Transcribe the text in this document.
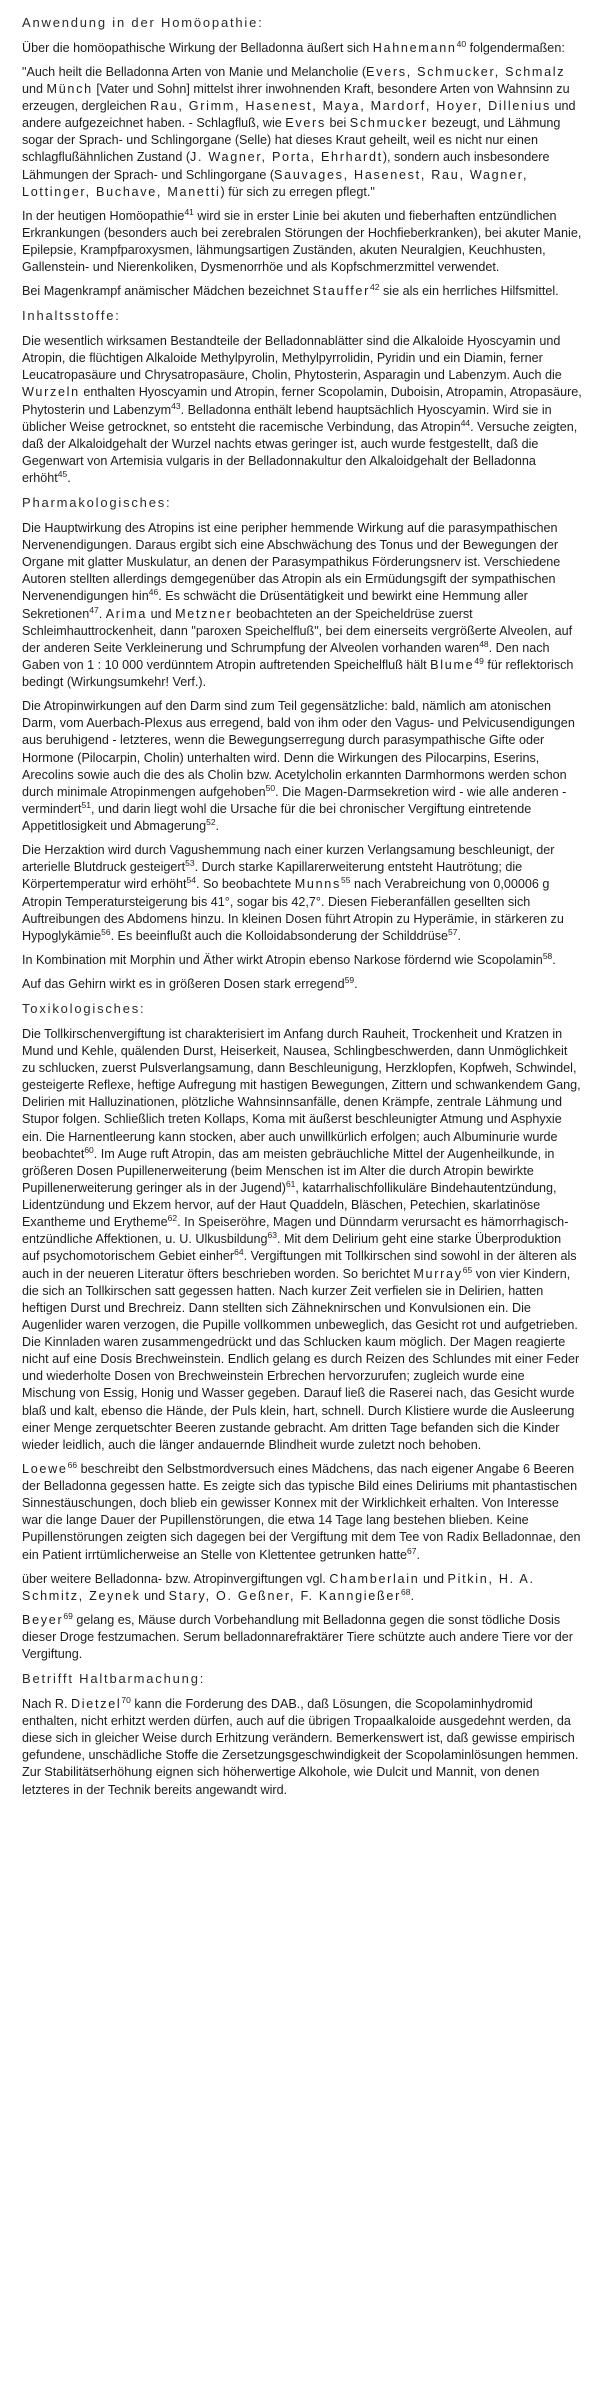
Anwendung in der Homöopathie:

Über die homöopathische Wirkung der Belladonna äußert sich Hahnemann$^{40}$ folgendermaßen:

"Auch heilt die Belladonna Arten von Manie und Melancholie (Evers, Schmucker, Schmalz und Münch [Vater und Sohn] mittelst ihrer inwohnenden Kraft, besondere Arten von Wahnsinn zu erzeugen, dergleichen Rau, Grimm, Hasenest, Maya, Mardorf, Hoyer, Dillenius und andere aufgezeichnet haben. - Schlagfluß, wie Evers bei Schmucker bezeugt, und Lähmung sogar der Sprach- und Schlingorgane (Selle) hat dieses Kraut geheilt, weil es nicht nur einen schlagflußähnlichen Zustand (J. Wagner, Porta, Ehrhardt), sondern auch insbesondere Lähmungen der Sprach- und Schlingorgane (Sauvages, Hasenest, Rau, Wagner, Lottinger, Buchave, Manetti) für sich zu erregen pflegt."

In der heutigen Homöopathie$^{41}$ wird sie in erster Linie bei akuten und fieberhaften entzündlichen Erkrankungen (besonders auch bei zerebralen Störungen der Hochfieberkranken), bei akuter Manie, Epilepsie, Krampfparoxysmen, lähmungsartigen Zuständen, akuten Neuralgien, Keuchhusten, Gallenstein- und Nierenkoliken, Dysmenorrhöe und als Kopfschmerzmittel verwendet.

Bei Magenkrampf anämischer Mädchen bezeichnet Stauffer$^{42}$ sie als ein herrliches Hilfsmittel.

Inhaltsstoffe:

Die wesentlich wirksamen Bestandteile der Belladonnablätter sind die Alkaloide Hyoscyamin und Atropin, die flüchtigen Alkaloide Methylpyrolin, Methylpyrrolidin, Pyridin und ein Diamin, ferner Leucatropasäure und Chrysatropasäure, Cholin, Phytosterin, Asparagin und Labenzym. Auch die Wurzeln enthalten Hyoscyamin und Atropin, ferner Scopolamin, Duboisin, Atropamin, Atropasäure, Phytosterin und Labenzym$^{43}$. Belladonna enthält lebend hauptsächlich Hyoscyamin. Wird sie in üblicher Weise getrocknet, so entsteht die racemische Verbindung, das Atropin$^{44}$. Versuche zeigten, daß der Alkaloidgehalt der Wurzel nachts etwas geringer ist, auch wurde festgestellt, daß die Gegenwart von Artemisia vulgaris in der Belladonnakultur den Alkaloidgehalt der Belladonna erhöht$^{45}$.

Pharmakologisches:

Die Hauptwirkung des Atropins ist eine peripher hemmende Wirkung auf die parasympathischen Nervenendigungen. Daraus ergibt sich eine Abschwächung des Tonus und der Bewegungen der Organe mit glatter Muskulatur, an denen der Parasympathikus Förderungsnerv ist. Verschiedene Autoren stellten allerdings demgegenüber das Atropin als ein Ermüdungsgift der sympathischen Nervenendigungen hin$^{46}$. Es schwächt die Drüsentätigkeit und bewirkt eine Hemmung aller Sekretionen$^{47}$. Arima und Metzner beobachteten an der Speicheldrüse zuerst Schleimhauttrockenheit, dann "paroxen Speichelfluß", bei dem einerseits vergrößerte Alveolen, auf der anderen Seite Verkleinerung und Schrumpfung der Alveolen vorhanden waren$^{48}$. Den nach Gaben von 1 : 10 000 verdünntem Atropin auftretenden Speichelfluß hält Blume$^{49}$ für reflektorisch bedingt (Wirkungsumkehr! Verf.).

Die Atropinwirkungen auf den Darm sind zum Teil gegensätzliche: bald, nämlich am atonischen Darm, vom Auerbach-Plexus aus erregend, bald von ihm oder den Vagus- und Pelvicusendigungen aus beruhigend - letzteres, wenn die Bewegungserregung durch parasympathische Gifte oder Hormone (Pilocarpin, Cholin) unterhalten wird. Denn die Wirkungen des Pilocarpins, Eserins, Arecolins sowie auch die des als Cholin bzw. Acetylcholin erkannten Darmhormons werden schon durch minimale Atropinmengen aufgehoben$^{50}$. Die Magen-Darmsekretion wird - wie alle anderen - vermindert$^{51}$, und darin liegt wohl die Ursache für die bei chronischer Vergiftung eintretende Appetitlosigkeit und Abmagerung$^{52}$.

Die Herzaktion wird durch Vagushemmung nach einer kurzen Verlangsamung beschleunigt, der arterielle Blutdruck gesteigert$^{53}$. Durch starke Kapillarerweiterung entsteht Hautrötung; die Körpertemperatur wird erhöht$^{54}$. So beobachtete Munns$^{55}$ nach Verabreichung von 0,00006 g Atropin Temperatursteigerung bis 41°, sogar bis 42,7°. Diesen Fieberanfällen gesellten sich Auftreibungen des Abdomens hinzu. In kleinen Dosen führt Atropin zu Hyperämie, in stärkeren zu Hypoglykämie$^{56}$. Es beeinflußt auch die Kolloidabsonderung der Schilddrüse$^{57}$.

In Kombination mit Morphin und Äther wirkt Atropin ebenso Narkose fördernd wie Scopolamin$^{58}$.

Auf das Gehirn wirkt es in größeren Dosen stark erregend$^{59}$.

Toxikologisches:

Die Tollkirschenvergiftung ist charakterisiert im Anfang durch Rauheit, Trockenheit und Kratzen in Mund und Kehle, quälenden Durst, Heiserkeit, Nausea, Schlingbeschwerden, dann Unmöglichkeit zu schlucken, zuerst Pulsverlangsamung, dann Beschleunigung, Herzklopfen, Kopfweh, Schwindel, gesteigerte Reflexe, heftige Aufregung mit hastigen Bewegungen, Zittern und schwankendem Gang, Delirien mit Halluzinationen, plötzliche Wahnsinnsanfälle, denen Krämpfe, zentrale Lähmung und Stupor folgen. Schließlich treten Kollaps, Koma mit äußerst beschleunigter Atmung und Asphyxie ein. Die Harnentleerung kann stocken, aber auch unwillkürlich erfolgen; auch Albuminurie wurde beobachtet$^{60}$. Im Auge ruft Atropin, das am meisten gebräuchliche Mittel der Augenheilkunde, in größeren Dosen Pupillenerweiterung (beim Menschen ist im Alter die durch Atropin bewirkte Pupillenerweiterung geringer als in der Jugend)$^{61}$, katarrhalischfollikuläre Bindehautentzündung, Lidentzündung und Ekzem hervor, auf der Haut Quaddeln, Bläschen, Petechien, skarlatinöse Exantheme und Erytheme$^{62}$. In Speiseröhre, Magen und Dünndarm verursacht es hämorrhagisch-entzündliche Affektionen, u. U. Ulkusbildung$^{63}$. Mit dem Delirium geht eine starke Überproduktion auf psychomotorischem Gebiet einher$^{64}$. Vergiftungen mit Tollkirschen sind sowohl in der älteren als auch in der neueren Literatur öfters beschrieben worden. So berichtet Murray$^{65}$ von vier Kindern, die sich an Tollkirschen satt gegessen hatten. Nach kurzer Zeit verfielen sie in Delirien, hatten heftigen Durst und Brechreiz. Dann stellten sich Zähneknirschen und Konvulsionen ein. Die Augenlider waren verzogen, die Pupille vollkommen unbeweglich, das Gesicht rot und aufgetrieben. Die Kinnladen waren zusammengedrückt und das Schlucken kaum möglich. Der Magen reagierte nicht auf eine Dosis Brechweinstein. Endlich gelang es durch Reizen des Schlundes mit einer Feder und wiederholte Dosen von Brechweinstein Erbrechen hervorzurufen; zugleich wurde eine Mischung von Essig, Honig und Wasser gegeben. Darauf ließ die Raserei nach, das Gesicht wurde blaß und kalt, ebenso die Hände, der Puls klein, hart, schnell. Durch Klistiere wurde die Ausleerung einer Menge zerquetschter Beeren zustande gebracht. Am dritten Tage befanden sich die Kinder wieder leidlich, auch die länger andauernde Blindheit wurde zuletzt noch behoben.

Loewe$^{66}$ beschreibt den Selbstmordversuch eines Mädchens, das nach eigener Angabe 6 Beeren der Belladonna gegessen hatte. Es zeigte sich das typische Bild eines Deliriums mit phantastischen Sinnestäuschungen, doch blieb ein gewisser Konnex mit der Wirklichkeit erhalten. Von Interesse war die lange Dauer der Pupillenstörungen, die etwa 14 Tage lang bestehen blieben. Keine Pupillenstörungen zeigten sich dagegen bei der Vergiftung mit dem Tee von Radix Belladonnae, den ein Patient irrtümlicherweise an Stelle von Klettentee getrunken hatte$^{67}$.

über weitere Belladonna- bzw. Atropinvergiftungen vgl. Chamberlain und Pitkin, H. A. Schmitz, Zeynek und Stary, O. Geßner, F. Kanngießer$^{68}$.

Beyer$^{69}$ gelang es, Mäuse durch Vorbehandlung mit Belladonna gegen die sonst tödliche Dosis dieser Droge festzumachen. Serum belladonnarefraktärer Tiere schützte auch andere Tiere vor der Vergiftung.

Betrifft Haltbarmachung:

Nach R. Dietzel$^{70}$ kann die Forderung des DAB., daß Lösungen, die Scopolaminhydromid enthalten, nicht erhitzt werden dürfen, auch auf die übrigen Tropaalkaloide ausgedehnt werden, da diese sich in gleicher Weise durch Erhitzung verändern. Bemerkenswert ist, daß gewisse empirisch gefundene, unschädliche Stoffe die Zersetzungsgeschwindigkeit der Scopolaminlösungen hemmen. Zur Stabilitätserhöhung eignen sich höherwertige Alkohole, wie Dulcit und Mannit, von denen letzteres in der Technik bereits angewandt wird.
